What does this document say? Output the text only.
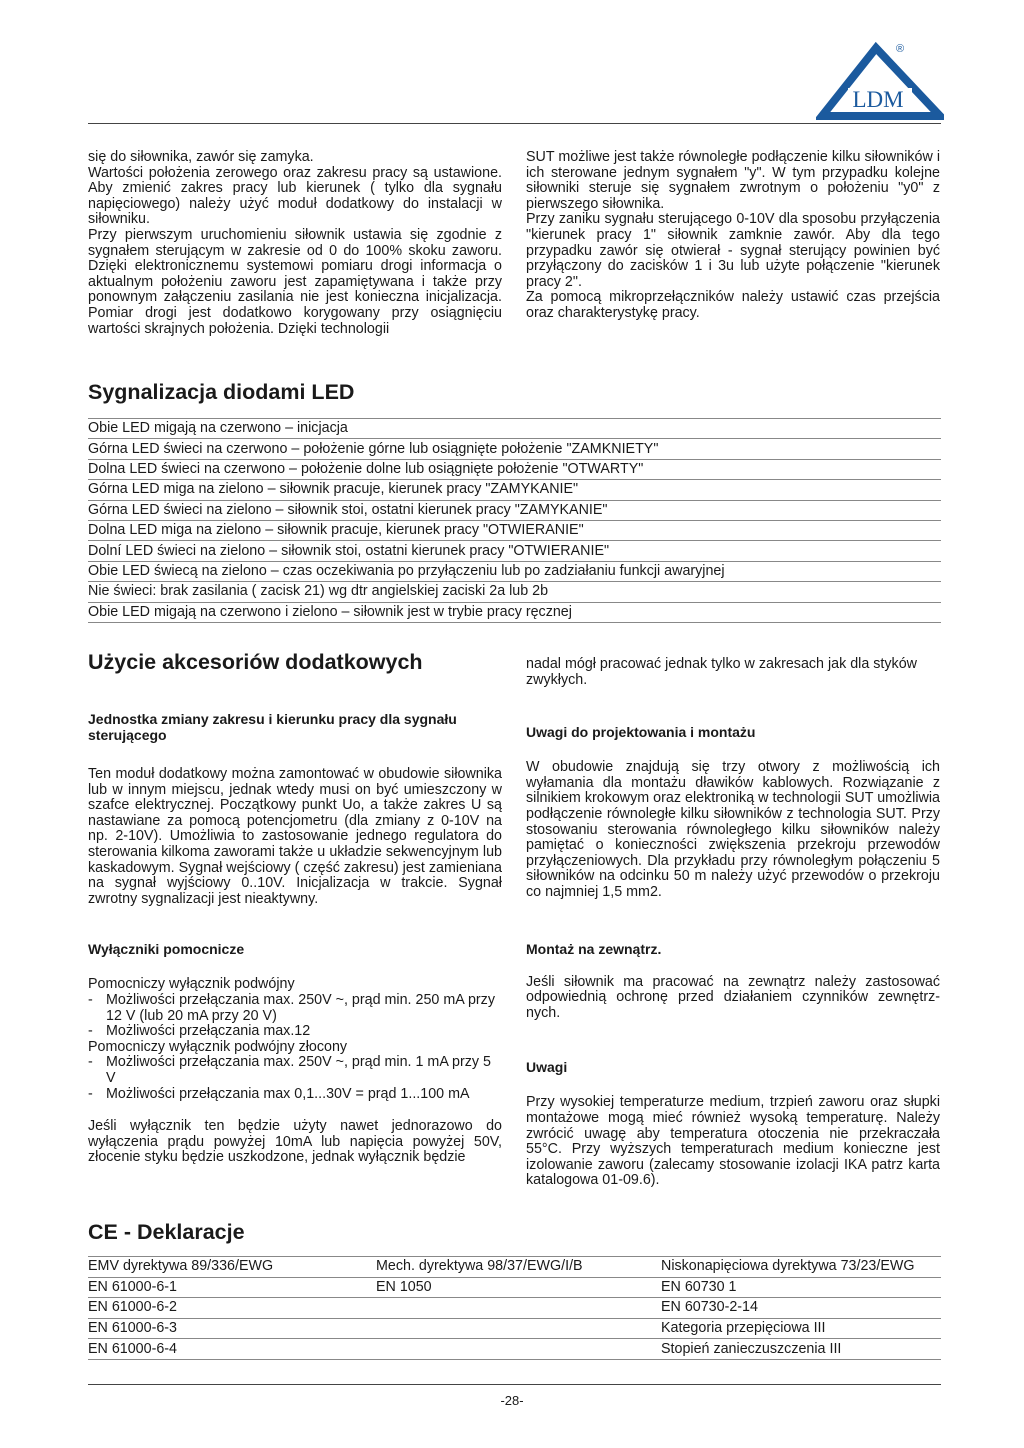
LDM
®

się do siłownika, zawór się zamyka.

Wartości położenia zerowego oraz zakresu pracy są ustawione. Aby zmienić zakres pracy lub kierunek ( tylko dla sygnału napięciowego) należy użyć moduł dodatkowy do instalacji w siłowniku.

Przy pierwszym uruchomieniu siłownik ustawia się zgodnie z sygnałem sterującym w zakresie od 0 do 100% skoku zaworu. Dzięki elektronicznemu systemowi pomiaru drogi informacja o aktualnym położeniu zaworu jest zapamiętywana i także przy ponownym załączeniu zasilania nie jest konieczna inicjalizacja. Pomiar drogi jest dodatkowo korygowany przy osiągnięciu wartości skrajnych położenia. Dzięki technologii

SUT możliwe jest także równoległe podłączenie kilku siłowników i ich sterowane jednym sygnałem "y". W tym przypadku kolejne siłowniki steruje się sygnałem zwrotnym o położeniu "y0" z pierwszego siłownika.

Przy zaniku sygnału sterującego 0-10V dla sposobu przyłączenia "kierunek pracy 1" siłownik zamknie zawór. Aby dla tego przypadku zawór się otwierał - sygnał sterujący powinien być przyłączony do zacisków 1 i 3u lub użyte połączenie "kierunek pracy 2".

Za pomocą mikroprzełączników należy ustawić czas przejścia oraz charakterystykę pracy.

Sygnalizacja diodami LED
Obie LED migają na czerwono – inicjacja
Górna LED świeci na czerwono – położenie górne lub osiągnięte położenie "ZAMKNIETY"
Dolna LED świeci na czerwono – położenie dolne lub osiągnięte położenie "OTWARTY"
Górna LED miga na zielono – siłownik pracuje, kierunek pracy "ZAMYKANIE"
Górna LED świeci na zielono – siłownik stoi, ostatni kierunek pracy "ZAMYKANIE"
Dolna LED miga na zielono – siłownik pracuje, kierunek pracy "OTWIERANIE"
Dolní LED świeci na zielono – siłownik stoi, ostatni kierunek pracy "OTWIERANIE"
Obie LED świecą na zielono – czas oczekiwania po przyłączeniu lub po zadziałaniu funkcji awaryjnej
Nie świeci: brak zasilania ( zacisk 21) wg dtr angielskiej zaciski 2a lub 2b
Obie LED migają na czerwono i zielono – siłownik jest w trybie pracy ręcznej
Użycie akcesoriów dodatkowych

Jednostka zmiany zakresu i kierunku pracy dla sygnału sterującego

Ten moduł dodatkowy można zamontować w obudowie siłownika lub w innym miejscu, jednak wtedy musi on być umieszczony w szafce elektrycznej. Początkowy punkt Uo, a także zakres U są nastawiane za pomocą potencjometru (dla zmiany z 0-10V na np. 2-10V). Umożliwia to zastosowanie jednego regulatora do sterowania kilkoma zaworami także u układzie sekwencyjnym lub kaskadowym. Sygnał wejściowy ( część zakresu) jest zamieniana na sygnał wyjściowy 0..10V. Inicjalizacja w trakcie. Sygnał zwrotny sygnalizacji jest nieaktywny.

Wyłączniki pomocnicze

Pomocniczy wyłącznik podwójny

- Możliwości przełączania max. 250V ~, prąd min. 250 mA przy 12 V (lub 20 mA przy 20 V)
- Możliwości przełączania max.12

Pomocniczy wyłącznik podwójny złocony

- Możliwości przełączania max. 250V ~, prąd min. 1 mA przy 5 V
- Możliwości przełączania max 0,1...30V = prąd 1...100 mA

Jeśli wyłącznik ten będzie użyty nawet jednorazowo do wyłączenia prądu powyżej 10mA lub napięcia powyżej 50V, złocenie styku będzie uszkodzone, jednak wyłącznik będzie

nadal mógł pracować jednak tylko w zakresach jak dla styków zwykłych.

Uwagi do projektowania i montażu

W obudowie znajdują się trzy otwory z możliwością ich wyłamania dla montażu dławików kablowych. Rozwiązanie z silnikiem krokowym oraz elektroniką w technologii SUT umożliwia podłączenie równoległe kilku siłowników z technologia SUT. Przy stosowaniu sterowania równoległego kilku siłowników należy pamiętać o konieczności zwiększenia przekroju przewodów przyłączeniowych. Dla przykładu przy równoległym połączeniu 5 siłowników na odcinku 50 m należy użyć przewodów o przekroju co najmniej 1,5 mm2.

Montaż na zewnątrz.

Jeśli siłownik ma pracować na zewnątrz należy zastosować odpowiednią ochronę przed działaniem czynników zewnętrz-nych.

Uwagi

Przy wysokiej temperaturze medium, trzpień zaworu oraz słupki montażowe mogą mieć również wysoką temperaturę. Należy zwrócić uwagę aby temperatura otoczenia nie przekraczała 55°C. Przy wyższych temperaturach medium konieczne jest izolowanie zaworu (zalecamy stosowanie izolacji IKA patrz karta katalogowa 01-09.6).

CE - Deklaracje
EMV dyrektywa 89/336/EWG	Mech. dyrektywa 98/37/EWG/I/B	Niskonapięciowa dyrektywa 73/23/EWG
EN 61000-6-1	EN 1050	EN 60730 1
EN 61000-6-2		EN 60730-2-14
EN 61000-6-3		Kategoria przepięciowa III
EN 61000-6-4		Stopień zanieczuszczenia III
-28-
